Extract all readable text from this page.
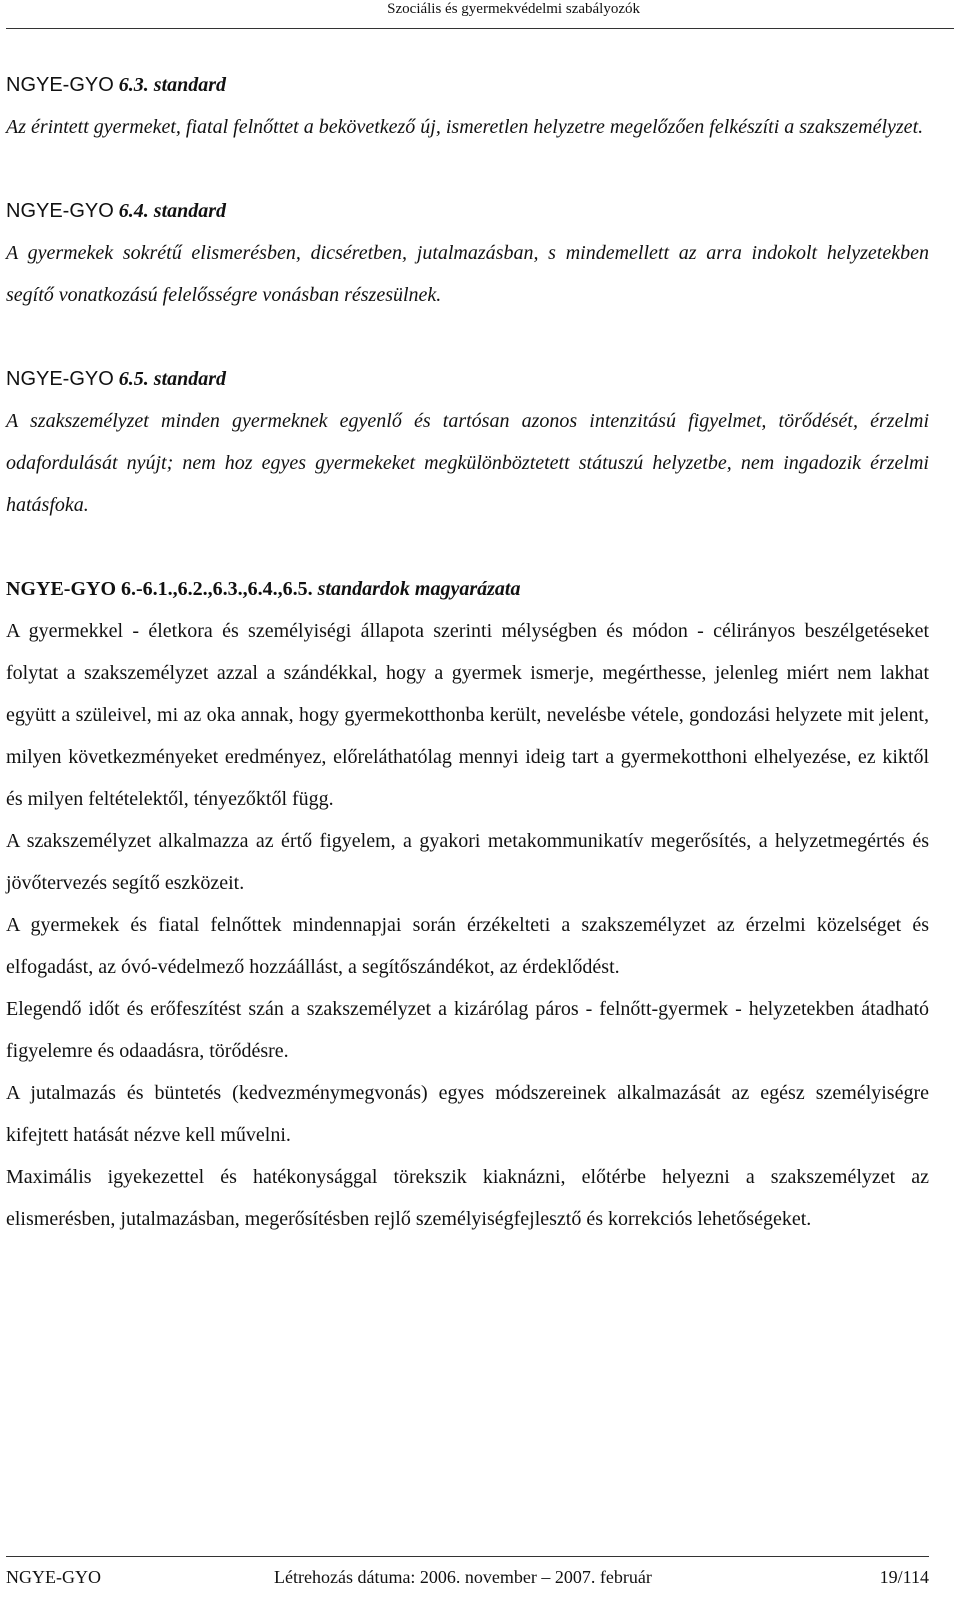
Szociális és gyermekvédelmi szabályozók
NGYE-GYO 6.3. standard

Az érintett gyermeket, fiatal felnőttet a bekövetkező új, ismeretlen helyzetre megelőzően felkészíti a szakszemélyzet.

NGYE-GYO 6.4. standard

A gyermekek sokrétű elismerésben, dicséretben, jutalmazásban, s mindemellett az arra indokolt helyzetekben segítő vonatkozású felelősségre vonásban részesülnek.

NGYE-GYO 6.5. standard

A szakszemélyzet minden gyermeknek egyenlő és tartósan azonos intenzitású figyelmet, törődését, érzelmi odafordulását nyújt; nem hoz egyes gyermekeket megkülönböztetett státuszú helyzetbe, nem ingadozik érzelmi hatásfoka.

NGYE-GYO 6.-6.1.,6.2.,6.3.,6.4.,6.5. standardok magyarázata

A gyermekkel - életkora és személyiségi állapota szerinti mélységben és módon - célirányos beszélgetéseket folytat a szakszemélyzet azzal a szándékkal, hogy a gyermek ismerje, megérthesse, jelenleg miért nem lakhat együtt a szüleivel, mi az oka annak, hogy gyermekotthonba került, nevelésbe vétele, gondozási helyzete mit jelent, milyen következményeket eredményez, előreláthatólag mennyi ideig tart a gyermekotthoni elhelyezése, ez kiktől és milyen feltételektől, tényezőktől függ.

A szakszemélyzet alkalmazza az értő figyelem, a gyakori metakommunikatív megerősítés, a helyzetmegértés és jövőtervezés segítő eszközeit.

A gyermekek és fiatal felnőttek mindennapjai során érzékelteti a szakszemélyzet az érzelmi közelséget és elfogadást, az óvó-védelmező hozzáállást, a segítőszándékot, az érdeklődést.

Elegendő időt és erőfeszítést szán a szakszemélyzet a kizárólag páros - felnőtt-gyermek - helyzetekben átadható figyelemre és odaadásra, törődésre.

A jutalmazás és büntetés (kedvezménymegvonás) egyes módszereinek alkalmazását az egész személyiségre kifejtett hatását nézve kell művelni.

Maximális igyekezettel és hatékonysággal törekszik kiaknázni, előtérbe helyezni a szakszemélyzet az elismerésben, jutalmazásban, megerősítésben rejlő személyiségfejlesztő és korrekciós lehetőségeket.

NGYE-GYO	Létrehozás dátuma: 2006. november – 2007. február	19/114
